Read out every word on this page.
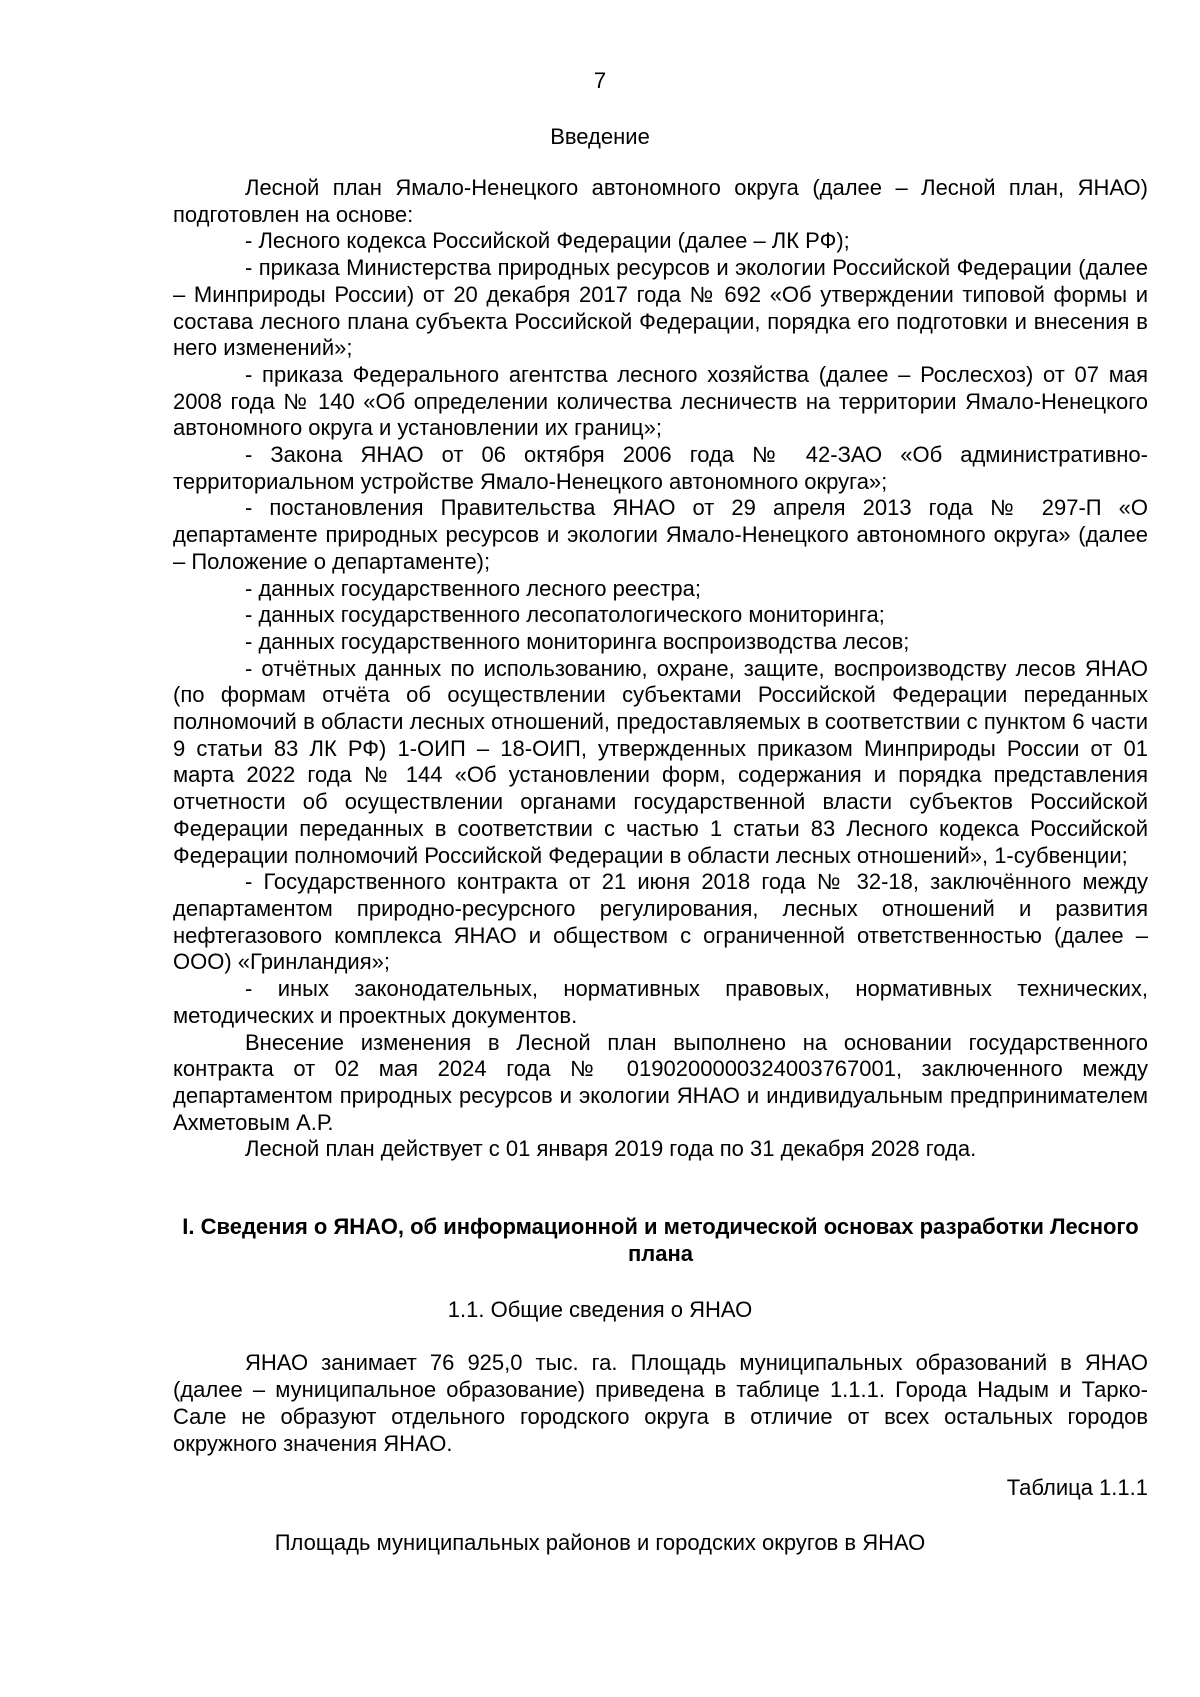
7
Введение

Лесной план Ямало-Ненецкого автономного округа (далее – Лесной план, ЯНАО) подготовлен на основе:

- Лесного кодекса Российской Федерации (далее – ЛК РФ);

- приказа Министерства природных ресурсов и экологии Российской Федерации (далее – Минприроды России) от 20 декабря 2017 года № 692 «Об утверждении типовой формы и состава лесного плана субъекта Российской Федерации, порядка его подготовки и внесения в него изменений»;

- приказа Федерального агентства лесного хозяйства (далее – Рослесхоз) от 07 мая 2008 года № 140 «Об определении количества лесничеств на территории Ямало-Ненецкого автономного округа и установлении их границ»;

- Закона ЯНАО от 06 октября 2006 года № 42-ЗАО «Об административно-территориальном устройстве Ямало-Ненецкого автономного округа»;

- постановления Правительства ЯНАО от 29 апреля 2013 года № 297-П «О департаменте природных ресурсов и экологии Ямало-Ненецкого автономного округа» (далее – Положение о департаменте);

- данных государственного лесного реестра;

- данных государственного лесопатологического мониторинга;

- данных государственного мониторинга воспроизводства лесов;

- отчётных данных по использованию, охране, защите, воспроизводству лесов ЯНАО (по формам отчёта об осуществлении субъектами Российской Федерации переданных полномочий в области лесных отношений, предоставляемых в соответствии с пунктом 6 части 9 статьи 83 ЛК РФ) 1-ОИП – 18-ОИП, утвержденных приказом Минприроды России от 01 марта 2022 года № 144 «Об установлении форм, содержания и порядка представления отчетности об осуществлении органами государственной власти субъектов Российской Федерации переданных в соответствии с частью 1 статьи 83 Лесного кодекса Российской Федерации полномочий Российской Федерации в области лесных отношений», 1-субвенции;

- Государственного контракта от 21 июня 2018 года № 32-18, заключённого между департаментом природно-ресурсного регулирования, лесных отношений и развития нефтегазового комплекса ЯНАО и обществом с ограниченной ответственностью (далее – ООО) «Гринландия»;

- иных законодательных, нормативных правовых, нормативных технических, методических и проектных документов.

Внесение изменения в Лесной план выполнено на основании государственного контракта от 02 мая 2024 года № 0190200000324003767001, заключенного между департаментом природных ресурсов и экологии ЯНАО и индивидуальным предпринимателем Ахметовым А.Р.

Лесной план действует с 01 января 2019 года по 31 декабря 2028 года.

I. Сведения о ЯНАО, об информационной и методической основах разработки Лесного плана
1.1. Общие сведения о ЯНАО

ЯНАО занимает 76 925,0 тыс. га. Площадь муниципальных образований в ЯНАО (далее – муниципальное образование) приведена в таблице 1.1.1. Города Надым и Тарко-Сале не образуют отдельного городского округа в отличие от всех остальных городов окружного значения ЯНАО.

Таблица 1.1.1
Площадь муниципальных районов и городских округов в ЯНАО
